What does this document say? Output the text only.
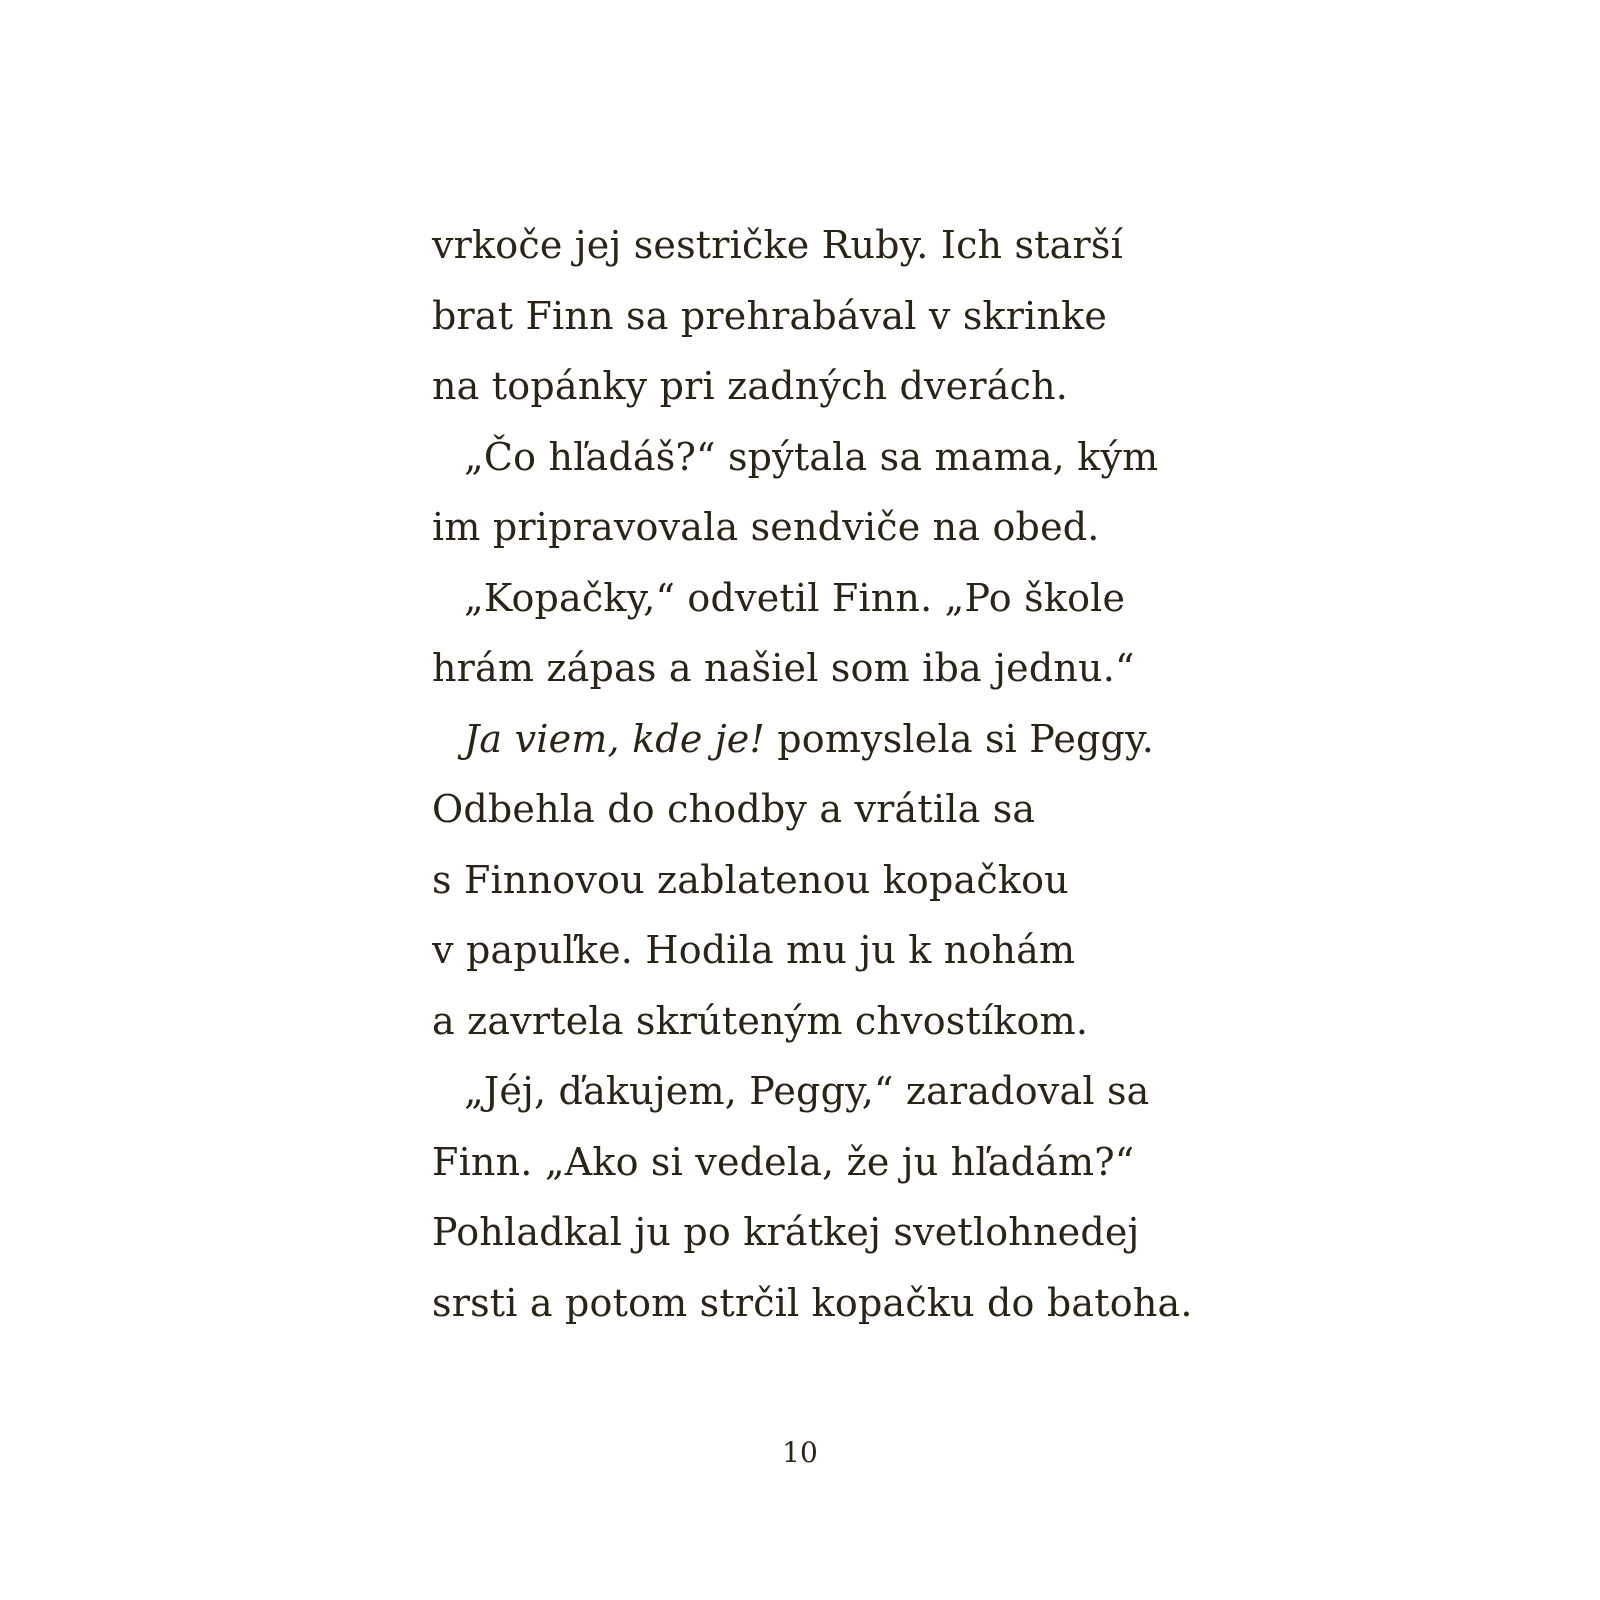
vrkoče jej sestričke Ruby. Ich starší
brat Finn sa prehrabával v skrinke
na topánky pri zadných dverách.
„Čo hľadáš?“ spýtala sa mama, kým
im pripravovala sendviče na obed.
„Kopačky,“ odvetil Finn. „Po škole
hrám zápas a našiel som iba jednu.“
Ja viem, kde je! pomyslela si Peggy.
Odbehla do chodby a vrátila sa
s Finnovou zablatenou kopačkou
v papuľke. Hodila mu ju k nohám
a zavrtela skrúteným chvostíkom.
„Jéj, ďakujem, Peggy,“ zaradoval sa
Finn. „Ako si vedela, že ju hľadám?“
Pohladkal ju po krátkej svetlohnedej
srsti a potom strčil kopačku do batoha.
10
